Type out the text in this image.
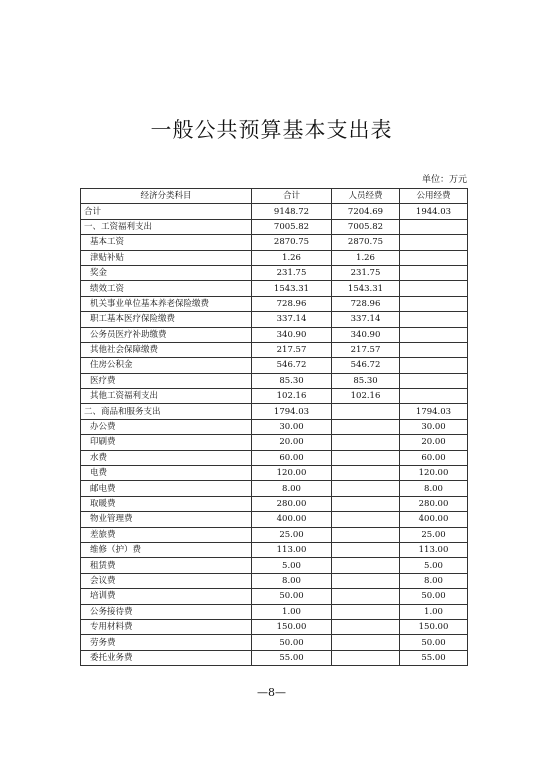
一般公共预算基本支出表
单位：万元
经济分类科目	合计	人员经费	公用经费
合计	9148.72	7204.69	1944.03
一、工资福利支出	7005.82	7005.82	
基本工资	2870.75	2870.75	
津贴补贴	1.26	1.26	
奖金	231.75	231.75	
绩效工资	1543.31	1543.31	
机关事业单位基本养老保险缴费	728.96	728.96	
职工基本医疗保险缴费	337.14	337.14	
公务员医疗补助缴费	340.90	340.90	
其他社会保障缴费	217.57	217.57	
住房公积金	546.72	546.72	
医疗费	85.30	85.30	
其他工资福利支出	102.16	102.16	
二、商品和服务支出	1794.03		1794.03
办公费	30.00		30.00
印刷费	20.00		20.00
水费	60.00		60.00
电费	120.00		120.00
邮电费	8.00		8.00
取暖费	280.00		280.00
物业管理费	400.00		400.00
差旅费	25.00		25.00
维修（护）费	113.00		113.00
租赁费	5.00		5.00
会议费	8.00		8.00
培训费	50.00		50.00
公务接待费	1.00		1.00
专用材料费	150.00		150.00
劳务费	50.00		50.00
委托业务费	55.00		55.00
—8—
